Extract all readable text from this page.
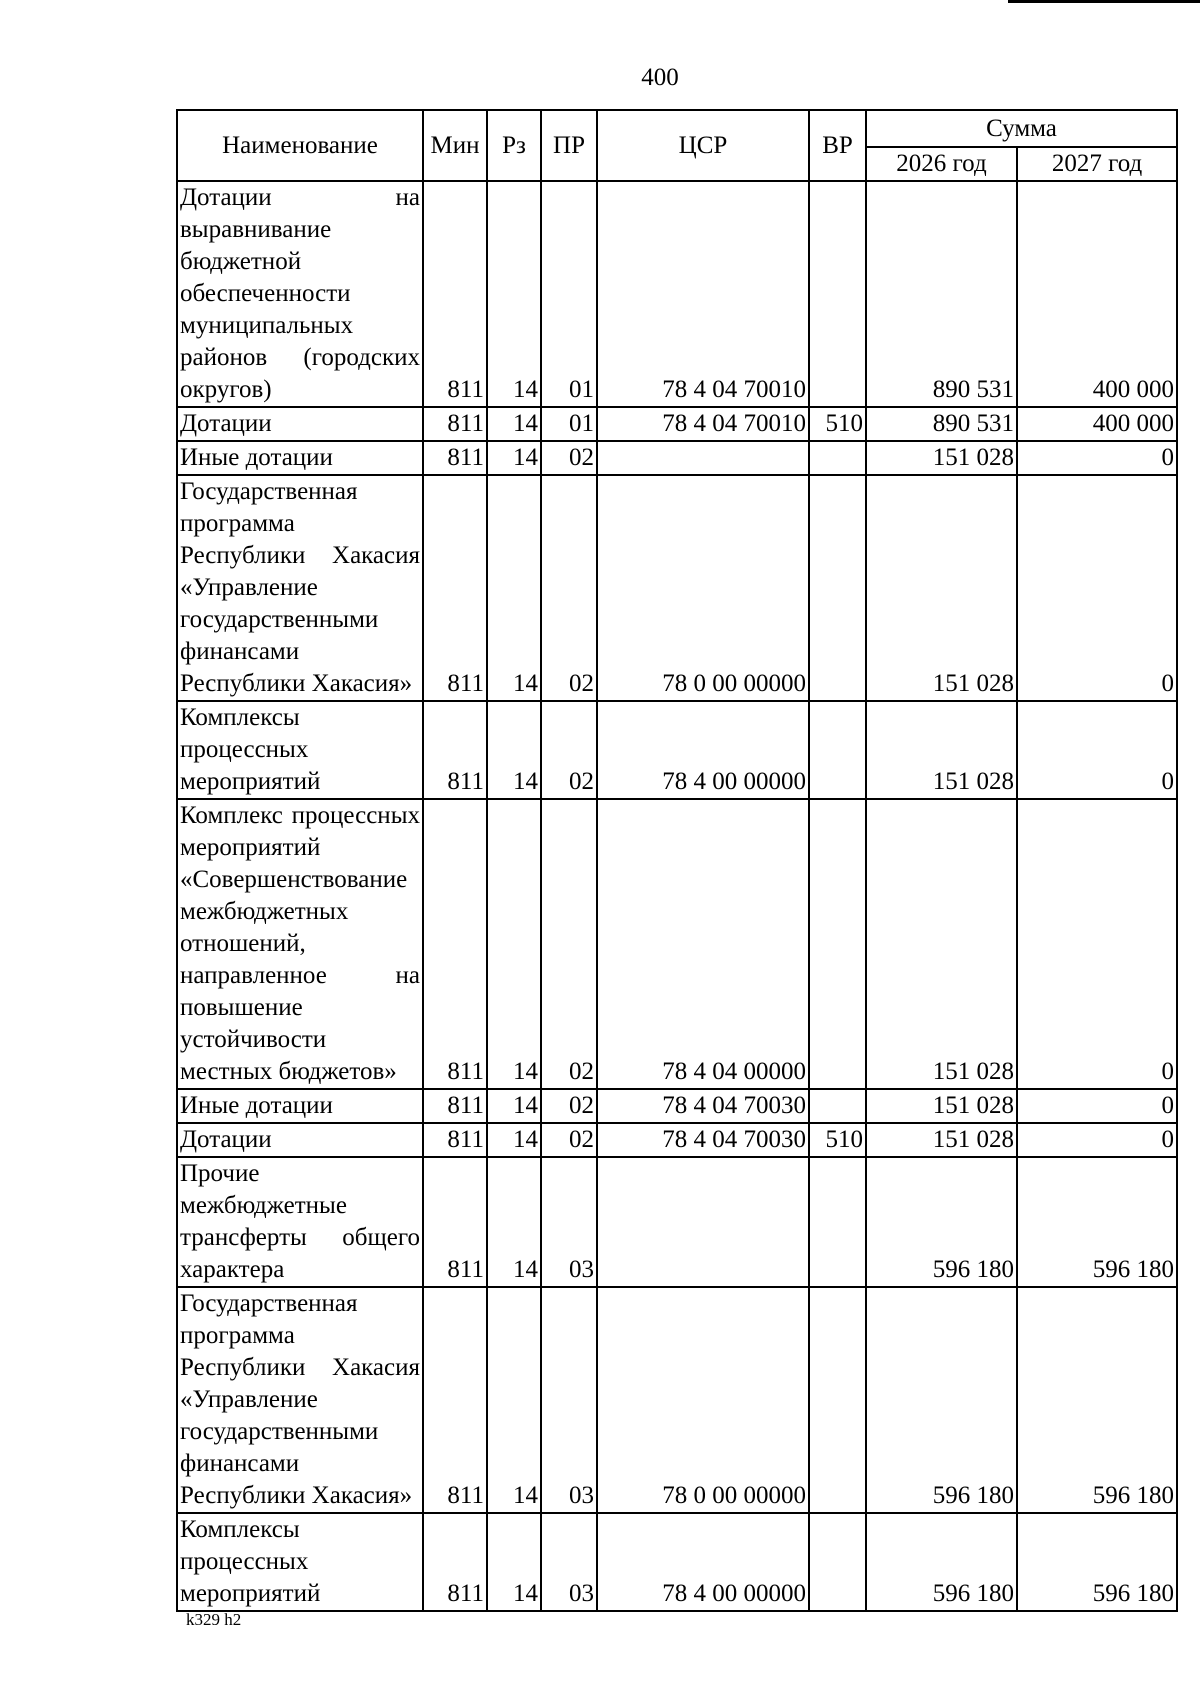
400
Наименование	Мин	Рз	ПР	ЦСР	ВР	Сумма	
						2026 год	2027 год
Дотации на выравнивание бюджетной обеспеченности муниципальных районов (городских округов)	811	14	01	78 4 04 70010		890 531	400 000
Дотации	811	14	01	78 4 04 70010	510	890 531	400 000
Иные дотации	811	14	02			151 028	0
Государственная программа Республики Хакасия «Управление государственными финансами Республики Хакасия»	811	14	02	78 0 00 00000		151 028	0
Комплексы процессных мероприятий	811	14	02	78 4 00 00000		151 028	0
Комплекс процессных мероприятий «Совершенствование межбюджетных отношений, направленное на повышение устойчивости местных бюджетов»	811	14	02	78 4 04 00000		151 028	0
Иные дотации	811	14	02	78 4 04 70030		151 028	0
Дотации	811	14	02	78 4 04 70030	510	151 028	0
Прочие межбюджетные трансферты общего характера	811	14	03			596 180	596 180
Государственная программа Республики Хакасия «Управление государственными финансами Республики Хакасия»	811	14	03	78 0 00 00000		596 180	596 180
Комплексы процессных мероприятий	811	14	03	78 4 00 00000		596 180	596 180
k329 h2
